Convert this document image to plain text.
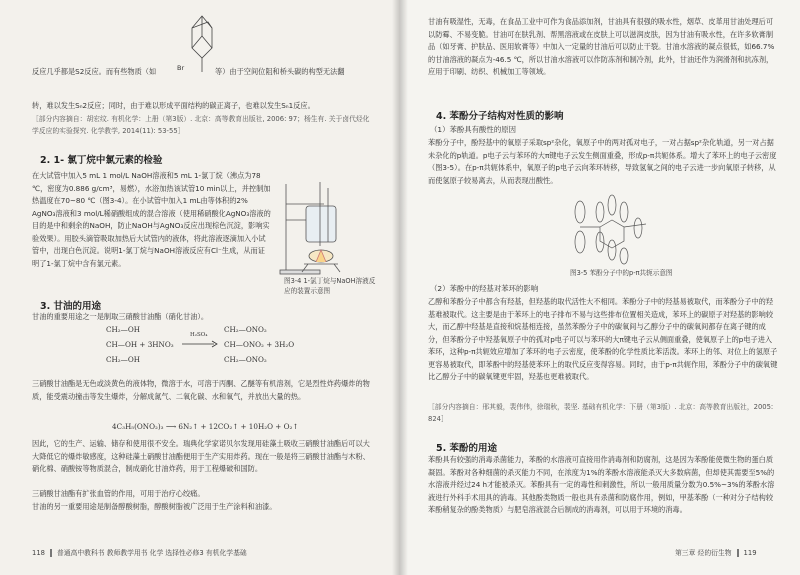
Br
反应几乎都是S2反应。而有些物质（如	等）由于空间位阻和桥头碳的构型无法翻
转，难以发生Sₙ2反应；同时，由于难以形成平面结构的碳正离子，也难以发生Sₙ1反应。
［部分内容摘自：胡宏纹. 有机化学：上册（第3版）. 北京：高等教育出版社, 2006: 97；杨生有. 关于卤代烃化学反应的实验探究. 化学教学, 2014(11): 53-55］
2. 1- 氯丁烷中氯元素的检验
在大试管中加入5 mL 1 mol/L NaOH溶液和5 mL 1-氯丁烷（沸点为78 ℃，密度为0.886 g/cm³，易燃），水浴加热该试管10 min以上，并控制加热温度在70~80 ℃（图3-4）。在小试管中加入1 mL由等体积的2% AgNO₃溶液和3 mol/L稀硝酸组成的混合溶液（使用稀硝酸化AgNO₃溶液的目的是中和剩余的NaOH，防止NaOH与AgNO₃反应出现棕色沉淀，影响实验效果）。用胶头滴管吸取加热后大试管内的液体，将此溶液逐滴加入小试管中，出现白色沉淀。说明1-氯丁烷与NaOH溶液反应有Cl⁻生成，从而证明了1-氯丁烷中含有氯元素。
图3-4 1-氯丁烷与NaOH溶液反应的装置示意图
3. 甘油的用途
甘油的重要用途之一是制取三硝酸甘油酯（硝化甘油）。
CH₂—OH
CH—OH + 3HNO₃
CH₂—OH
H₂SO₄
CH₂—ONO₂
CH—ONO₂ + 3H₂O
CH₂—ONO₂
三硝酸甘油酯是无色或淡黄色的液体物，微溶于水，可溶于丙酮、乙醚等有机溶剂，它是烈性炸药爆炸的物质，能受震动撞击等发生爆炸，分解成氮气、二氧化碳、水和氧气，并放出大量的热。
4C₃H₅(ONO₂)₃ ⟶ 6N₂↑ + 12CO₂↑ + 10H₂O + O₂↑
因此，它的生产、运输、储存和使用很不安全。瑞典化学家诺贝尔发现用硅藻土吸收三硝酸甘油酯后可以大大降低它的爆炸敏感度，这种硅藻土硝酸甘油酯便用于生产实用炸药。现在一般是将三硝酸甘油酯与木粉、硝化棉、硝酸铵等物质混合，制成硝化甘油炸药，用于工程爆破和国防。
三硝酸甘油酯有扩张血管的作用，可用于治疗心绞痛。
甘油的另一重要用途是制备醇酸树脂，醇酸树脂被广泛用于生产涂料和油漆。
118 普通高中教科书 教师教学用书 化学 选择性必修3 有机化学基础
甘油有吸湿性，无毒，在食品工业中可作为食品添加剂，甘油具有很强的吸水性，烟草、皮革用甘油处理后可以防霉、不易变脆。甘油可在肤乳剂、帮黑溶液或在皮肤上可以滋润皮肤，因为甘油有吸水性，在许多软膏制品（如牙膏、护肤品、医用软膏等）中加入一定量的甘油后可以防止干裂。甘油水溶液的凝点很低，如66.7%的甘油溶液的凝点为-46.5 ℃，所以甘油水溶液可以作防冻剂和制冷剂，此外，甘油还作为润滑剂和抗冻剂，应用于印刷、纺织、机械加工等领域。
4. 苯酚分子结构对性质的影响
（1）苯酚具有酸性的原因
苯酚分子中，酚羟基中的氧原子采取sp²杂化，氧原子中的两对孤对电子，一对占据sp²杂化轨道，另一对占据未杂化的p轨道。p电子云与苯环的大π键电子云发生侧面重叠，形成p-π共轭体系。增大了苯环上的电子云密度（图3-5）。在p-π共轭体系中，氧原子的p电子云向苯环转移，导致氢氧之间的电子云进一步向氧原子转移，从而使氢原子较易离去，从而表现出酸性。
图3-5 苯酚分子中的p-π共轭示意图
（2）苯酚中的羟基对苯环的影响
乙醇和苯酚分子中都含有羟基，但羟基的取代活性大不相同。苯酚分子中的羟基易被取代，而苯酚分子中的羟基难被取代。这主要是由于苯环上的电子排布不易与这些排布位置相关造成，苯环上的碳原子对羟基的影响较大，而乙醇中羟基是直接和烷基相连接，虽然苯酚分子中的碳氧间与乙醇分子中的碳氧间都存在离子键的成分，但苯酚分子中羟基氧原子中的孤对p电子可以与苯环的大π键电子云从侧面重叠，使氧原子上的p电子进入苯环，这种p-π共轭效应增加了苯环的电子云密度，使苯酚的化学性质比苯活泼。苯环上的邻、对位上的氢原子更容易被取代，即苯酚中的羟基使苯环上的取代反应变得容易。同时，由于p-π共轭作用，苯酚分子中的碳氧键比乙醇分子中的碳氧键更牢固，羟基也更难被取代。
［部分内容摘自：邢其毅，裴伟伟，徐瑞秋，裴坚. 基础有机化学：下册（第3版）. 北京：高等教育出版社，2005: 824］
5. 苯酚的用途
苯酚具有较强的消毒杀菌能力，苯酚的水溶液可直接用作消毒剂和防腐剂，这是因为苯酚能使微生物的蛋白质凝固。苯酚对各种细菌的杀灭能力不同，在浓度为1%的苯酚水溶液能杀灭大多数病菌，但却使其需要至5%的水溶液并经过24 h才能被杀灭。苯酚具有一定的毒性和刺激性，所以一般用质量分数为0.5%~3%的苯酚水溶液进行外科手术用具的消毒。其他酚类物质一般也具有杀菌和防腐作用，例如，甲基苯酚（一种对分子结构较苯酚稍复杂的酚类物质）与肥皂溶液混合后制成的消毒剂，可以用于环境的消毒。
第三章 烃的衍生物 119
